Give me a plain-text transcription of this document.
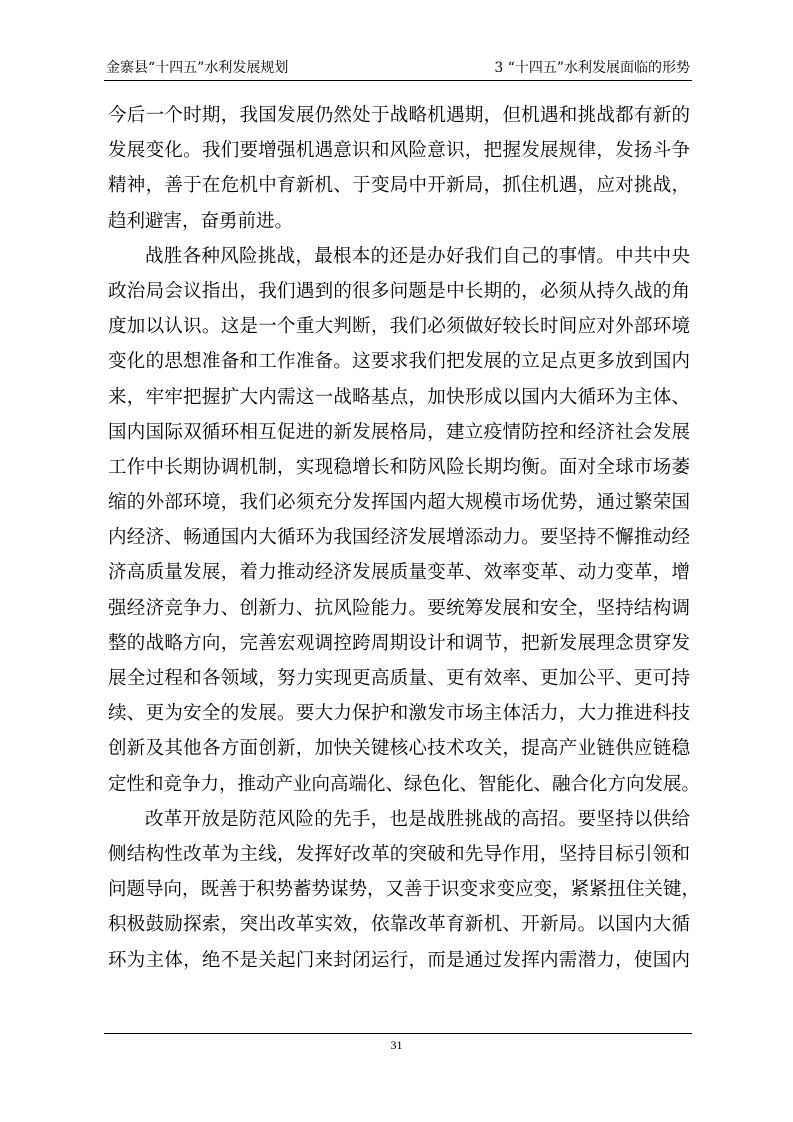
金寨县“十四五”水利发展规划	3 “十四五”水利发展面临的形势
今后一个时期，我国发展仍然处于战略机遇期，但机遇和挑战都有新的
发展变化。我们要增强机遇意识和风险意识，把握发展规律，发扬斗争
精神，善于在危机中育新机、于变局中开新局，抓住机遇，应对挑战，
趋利避害，奋勇前进。
战胜各种风险挑战，最根本的还是办好我们自己的事情。中共中央
政治局会议指出，我们遇到的很多问题是中长期的，必须从持久战的角
度加以认识。这是一个重大判断，我们必须做好较长时间应对外部环境
变化的思想准备和工作准备。这要求我们把发展的立足点更多放到国内
来，牢牢把握扩大内需这一战略基点，加快形成以国内大循环为主体、
国内国际双循环相互促进的新发展格局，建立疫情防控和经济社会发展
工作中长期协调机制，实现稳增长和防风险长期均衡。面对全球市场萎
缩的外部环境，我们必须充分发挥国内超大规模市场优势，通过繁荣国
内经济、畅通国内大循环为我国经济发展增添动力。要坚持不懈推动经
济高质量发展，着力推动经济发展质量变革、效率变革、动力变革，增
强经济竞争力、创新力、抗风险能力。要统筹发展和安全，坚持结构调
整的战略方向，完善宏观调控跨周期设计和调节，把新发展理念贯穿发
展全过程和各领域，努力实现更高质量、更有效率、更加公平、更可持
续、更为安全的发展。要大力保护和激发市场主体活力，大力推进科技
创新及其他各方面创新，加快关键核心技术攻关，提高产业链供应链稳
定性和竞争力，推动产业向高端化、绿色化、智能化、融合化方向发展。
改革开放是防范风险的先手，也是战胜挑战的高招。要坚持以供给
侧结构性改革为主线，发挥好改革的突破和先导作用，坚持目标引领和
问题导向，既善于积势蓄势谋势，又善于识变求变应变，紧紧扭住关键，
积极鼓励探索，突出改革实效，依靠改革育新机、开新局。以国内大循
环为主体，绝不是关起门来封闭运行，而是通过发挥内需潜力，使国内
31
